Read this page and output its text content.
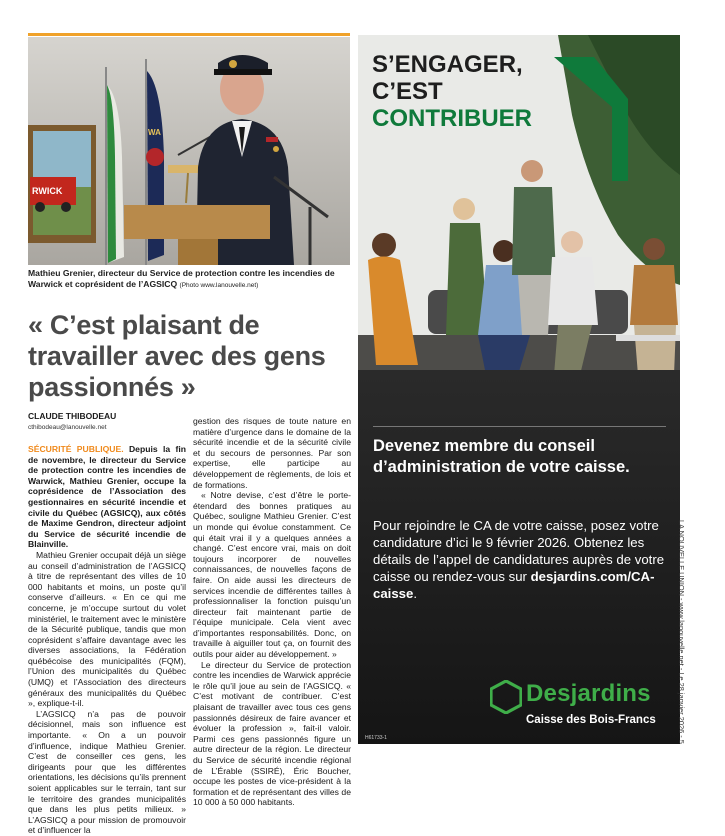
RWICK
WA
Mathieu Grenier, directeur du Service de protection contre les incendies de Warwick et coprésident de l’AGSICQ (Photo www.lanouvelle.net)
« C’est plaisant de travailler avec des gens passionnés »
CLAUDE THIBODEAU
cthibodeau@lanouvelle.net

SÉCURITÉ PUBLIQUE. Depuis la fin de novembre, le directeur du Service de protection contre les incendies de Warwick, Mathieu Grenier, occupe la coprésidence de l’Association des gestionnaires en sécurité incendie et civile du Québec (AGSICQ), aux côtés de Maxime Gendron, directeur adjoint du Service de sécurité incendie de Blainville.

Mathieu Grenier occupait déjà un siège au conseil d’administration de l’AGSICQ à titre de représentant des villes de 10 000 habitants et moins, un poste qu’il conserve d’ailleurs. « En ce qui me concerne, je m’occupe surtout du volet ministériel, le traitement avec le ministère de la Sécurité publique, tandis que mon coprésident s’affaire davantage avec les diverses associations, la Fédération québécoise des municipalités (FQM), l’Union des municipalités du Québec (UMQ) et l’Association des directeurs généraux des municipalités du Québec », explique-t-il.

L’AGSICQ n’a pas de pouvoir décisionnel, mais son influence est importante. « On a un pouvoir d’influence, indique Mathieu Grenier. C’est de conseiller ces gens, les dirigeants pour que les différentes orientations, les décisions qu’ils prennent soient applicables sur le terrain, tant sur le territoire des grandes municipalités que dans les plus petits milieux. » L’AGSICQ a pour mission de promouvoir et d’influencer la

gestion des risques de toute nature en matière d’urgence dans le domaine de la sécurité incendie et de la sécurité civile et du secours de personnes. Par son expertise, elle participe au développement de règlements, de lois et de formations.

« Notre devise, c’est d’être le porte-étendard des bonnes pratiques au Québec, souligne Mathieu Grenier. C’est un monde qui évolue constamment. Ce qui était vrai il y a quelques années a changé. C’est encore vrai, mais on doit toujours incorporer de nouvelles connaissances, de nouvelles façons de faire. On aide aussi les directeurs de services incendie de différentes tailles à professionnaliser la fonction puisqu’un directeur fait maintenant partie de l’équipe municipale. Cela vient avec d’importantes responsabilités. Donc, on travaille à aiguiller tout ça, on fournit des outils pour aider au développement. »

Le directeur du Service de protection contre les incendies de Warwick apprécie le rôle qu’il joue au sein de l’AGSICQ. « C’est motivant de contribuer. C’est plaisant de travailler avec tous ces gens passionnés désireux de faire avancer et évoluer la profession », fait-il valoir. Parmi ces gens passionnés figure un autre directeur de la région. Le directeur du Service de sécurité incendie régional de L’Érable (SSIRÉ), Éric Boucher, occupe les postes de vice-président à la formation et de représentant des villes de 10 000 à 50 000 habitants.

S’ENGAGER,
C’EST
CONTRIBUER
Devenez membre du conseil d’administration de votre caisse.
Pour rejoindre le CA de votre caisse, posez votre candidature d’ici le 9 février 2026. Obtenez les détails de l’appel de candidatures auprès de votre caisse ou rendez-vous sur desjardins.com/CA-caisse.
Desjardins
Caisse des Bois-Francs
H61733-1	LA NOUVELLE UNION - www.lanouvelle.net - Le 28 janvier 2026 - 5
